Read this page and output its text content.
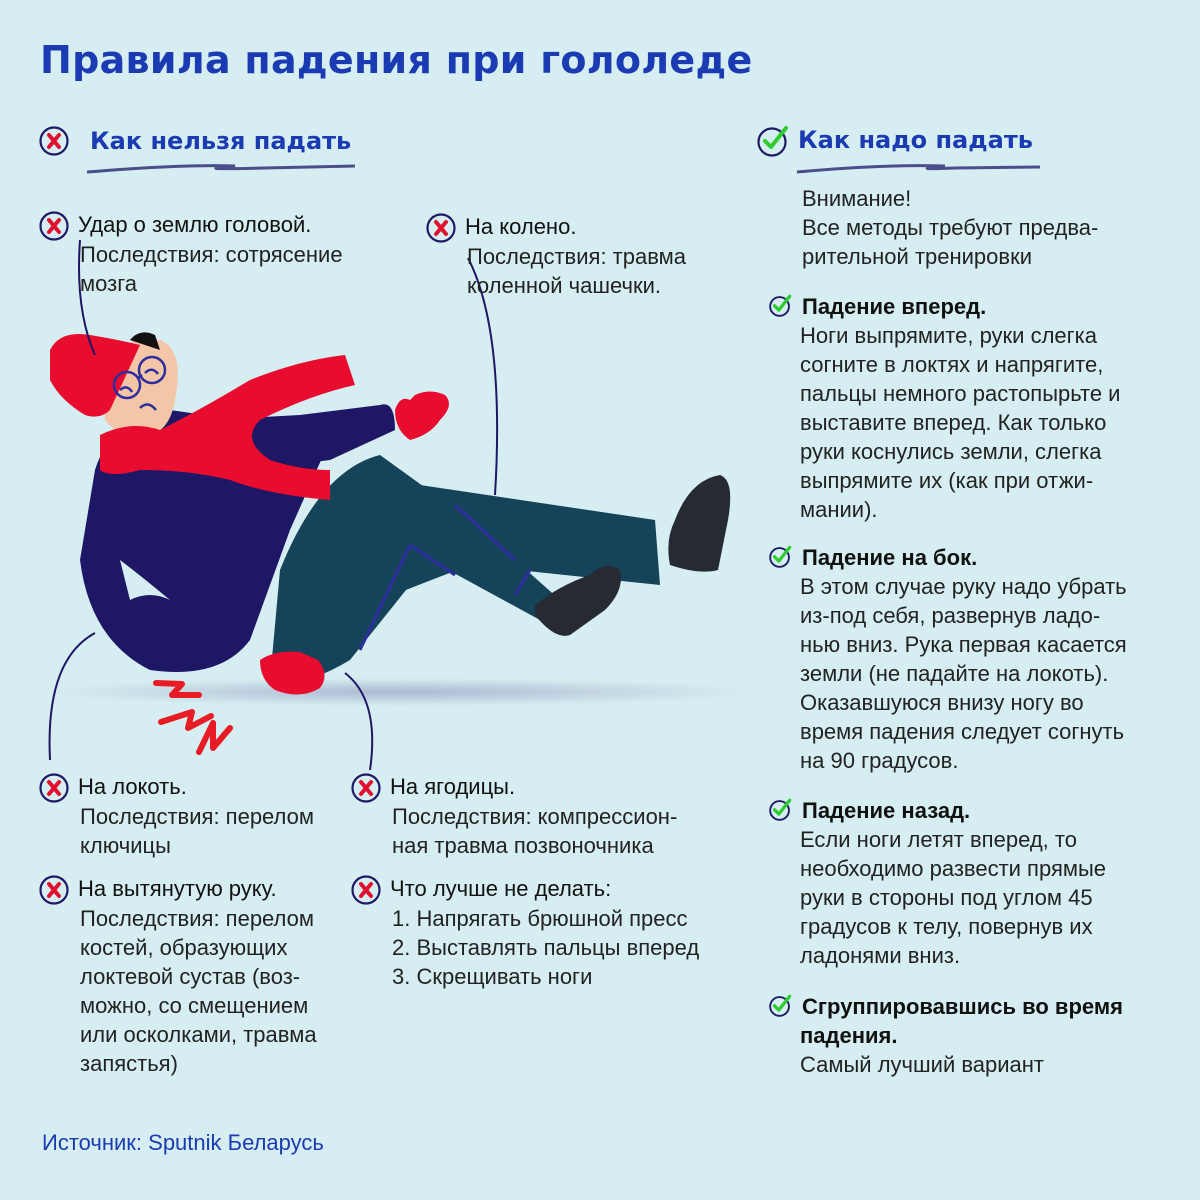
Правила падения при гололеде
Как нельзя падать	Как надо падать
Удар о землю головой.
Последствия: сотрясение
мозга
На колено.
Последствия: травма
коленной чашечки.
На локоть.
Последствия: перелом
ключицы
На ягодицы.
Последствия: компрессион-
ная травма позвоночника
На вытянутую руку.
Последствия: перелом
костей, образующих
локтевой сустав (воз-
можно, со смещением
или осколками, травма
запястья)
Что лучше не делать:
1. Напрягать брюшной пресс
2. Выставлять пальцы вперед
3. Скрещивать ноги
Внимание!
Все методы требуют предва-
рительной тренировки
Падение вперед.
Ноги выпрямите, руки слегка
согните в локтях и напрягите,
пальцы немного растопырьте и
выставите вперед. Как только
руки коснулись земли, слегка
выпрямите их (как при отжи-
мании).
Падение на бок.
В этом случае руку надо убрать
из-под себя, развернув ладо-
нью вниз. Рука первая касается
земли (не падайте на локоть).
Оказавшуюся внизу ногу во
время падения следует согнуть
на 90 градусов.
Падение назад.
Если ноги летят вперед, то
необходимо развести прямые
руки в стороны под углом 45
градусов к телу, повернув их
ладонями вниз.
Сгруппировавшись во время
падения.
Самый лучший вариант
Источник: Sputnik Беларусь
